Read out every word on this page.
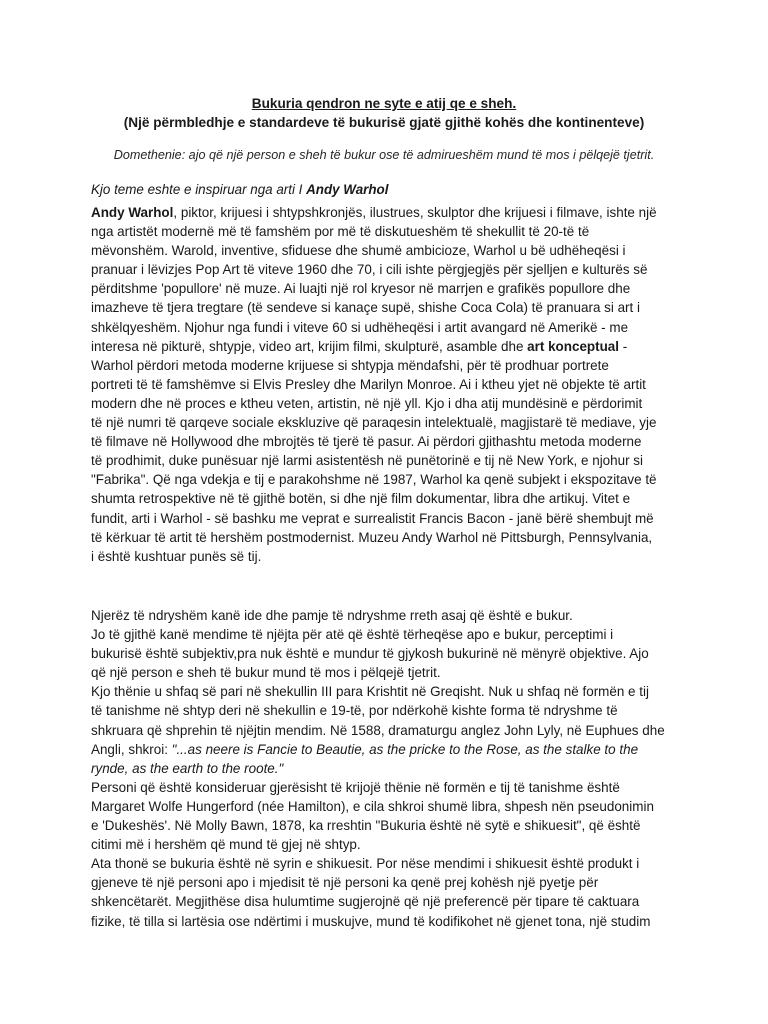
Bukuria qendron ne syte e atij qe e sheh.
(Një përmbledhje e standardeve të bukurisë gjatë gjithë kohës dhe kontinenteve)
Domethenie: ajo që një person e sheh të bukur ose të admirueshëm mund të mos i pëlqejë tjetrit.
Kjo teme eshte e inspiruar nga arti I Andy Warhol
Andy Warhol, piktor, krijuesi i shtypshkronjës, ilustrues, skulptor dhe krijuesi i filmave, ishte një
nga artistët modernë më të famshëm por më të diskutueshëm të shekullit të 20-të të
mëvonshëm. Warold, inventive, sfiduese dhe shumë ambicioze, Warhol u bë udhëheqësi i
pranuar i lëvizjes Pop Art të viteve 1960 dhe 70, i cili ishte përgjegjës për sjelljen e kulturës së
përditshme 'popullore' në muze. Ai luajti një rol kryesor në marrjen e grafikës popullore dhe
imazheve të tjera tregtare (të sendeve si kanaçe supë, shishe Coca Cola) të pranuara si art i
shkëlqyeshëm. Njohur nga fundi i viteve 60 si udhëheqësi i artit avangard në Amerikë - me
interesa në pikturë, shtypje, video art, krijim filmi, skulpturë, asamble dhe art konceptual -
Warhol përdori metoda moderne krijuese si shtypja mëndafshi, për të prodhuar portrete
portreti të të famshëmve si Elvis Presley dhe Marilyn Monroe. Ai i ktheu yjet në objekte të artit
modern dhe në proces e ktheu veten, artistin, në një yll. Kjo i dha atij mundësinë e përdorimit
të një numri të qarqeve sociale ekskluzive që paraqesin intelektualë, magjistarë të mediave, yje
të filmave në Hollywood dhe mbrojtës të tjerë të pasur. Ai përdori gjithashtu metoda moderne
të prodhimit, duke punësuar një larmi asistentësh në punëtorinë e tij në New York, e njohur si
"Fabrika". Që nga vdekja e tij e parakohshme në 1987, Warhol ka qenë subjekt i ekspozitave të
shumta retrospektive në të gjithë botën, si dhe një film dokumentar, libra dhe artikuj. Vitet e
fundit, arti i Warhol - së bashku me veprat e surrealistit Francis Bacon - janë bërë shembujt më
të kërkuar të artit të hershëm postmodernist. Muzeu Andy Warhol në Pittsburgh, Pennsylvania,
i është kushtuar punës së tij.
Njerëz të ndryshëm kanë ide dhe pamje të ndryshme rreth asaj që është e bukur.
Jo të gjithë kanë mendime të njëjta për atë që është tërheqëse apo e bukur, perceptimi i
bukurisë është subjektiv,pra nuk është e mundur të gjykosh bukurinë në mënyrë objektive. Ajo
që një person e sheh të bukur mund të mos i pëlqejë tjetrit.
Kjo thënie u shfaq së pari në shekullin III para Krishtit në Greqisht. Nuk u shfaq në formën e tij
të tanishme në shtyp deri në shekullin e 19-të, por ndërkohë kishte forma të ndryshme të
shkruara që shprehin të njëjtin mendim. Në 1588, dramaturgu anglez John Lyly, në Euphues dhe
Angli, shkroi: "...as neere is Fancie to Beautie, as the pricke to the Rose, as the stalke to the
rynde, as the earth to the roote."
Personi që është konsideruar gjerësisht të krijojë thënie në formën e tij të tanishme është
Margaret Wolfe Hungerford (née Hamilton), e cila shkroi shumë libra, shpesh nën pseudonimin
e 'Dukeshës'. Në Molly Bawn, 1878, ka rreshtin "Bukuria është në sytë e shikuesit", që është
citimi më i hershëm që mund të gjej në shtyp.
Ata thonë se bukuria është në syrin e shikuesit. Por nëse mendimi i shikuesit është produkt i
gjeneve të një personi apo i mjedisit të një personi ka qenë prej kohësh një pyetje për
shkencëtarët. Megjithëse disa hulumtime sugjerojnë që një preferencë për tipare të caktuara
fizike, të tilla si lartësia ose ndërtimi i muskujve, mund të kodifikohet në gjenet tona, një studim
